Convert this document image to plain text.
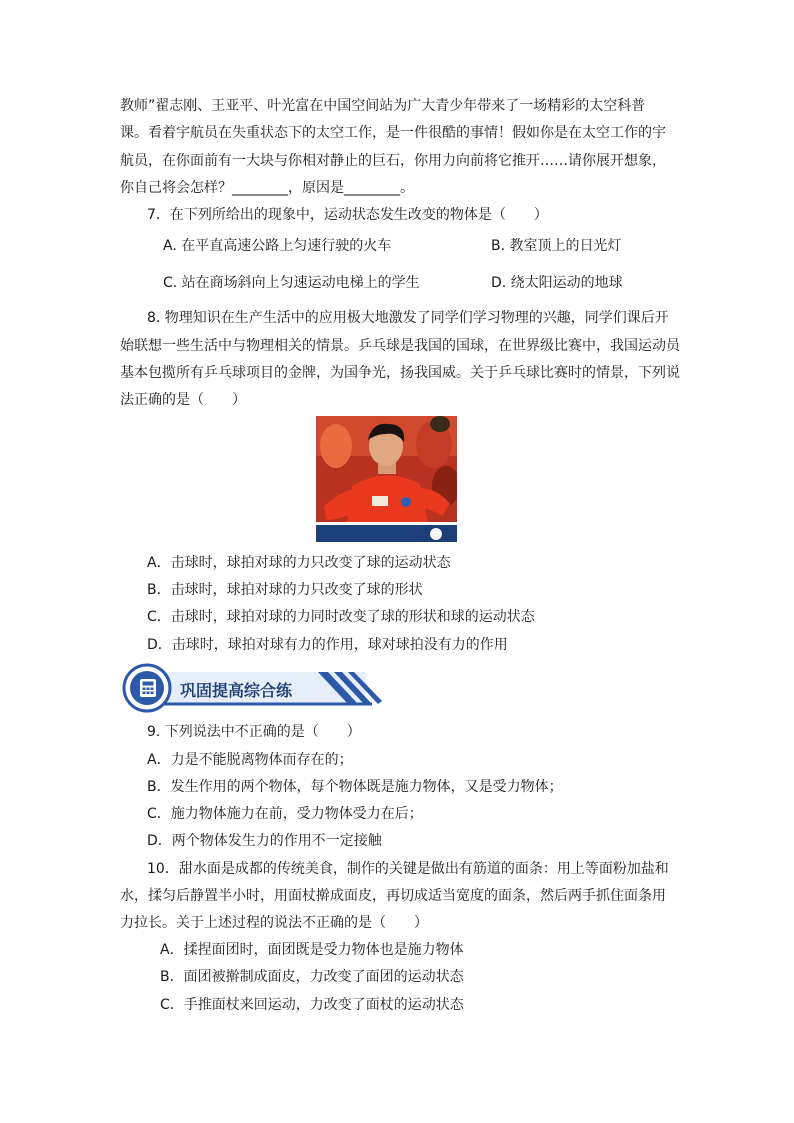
教师”翟志刚、王亚平、叶光富在中国空间站为广大青少年带来了一场精彩的太空科普
课。看着宇航员在失重状态下的太空工作，是一件很酷的事情！假如你是在太空工作的宇
航员，在你面前有一大块与你相对静止的巨石，你用力向前将它推开……请你展开想象，
你自己将会怎样？________，原因是________。
7．在下列所给出的现象中，运动状态发生改变的物体是（　　）
A. 在平直高速公路上匀速行驶的火车	B. 教室顶上的日光灯
C. 站在商场斜向上匀速运动电梯上的学生	D. 绕太阳运动的地球
8. 物理知识在生产生活中的应用极大地激发了同学们学习物理的兴趣，同学们课后开
始联想一些生活中与物理相关的情景。乒乓球是我国的国球，在世界级比赛中，我国运动员
基本包揽所有乒乓球项目的金牌，为国争光，扬我国威。关于乒乓球比赛时的情景，下列说
法正确的是（　　）
A．击球时，球拍对球的力只改变了球的运动状态
B．击球时，球拍对球的力只改变了球的形状
C．击球时，球拍对球的力同时改变了球的形状和球的运动状态
D．击球时，球拍对球有力的作用，球对球拍没有力的作用
巩固提高综合练
9. 下列说法中不正确的是（　　）
A．力是不能脱离物体而存在的；
B．发生作用的两个物体，每个物体既是施力物体，又是受力物体；
C．施力物体施力在前，受力物体受力在后；
D．两个物体发生力的作用不一定接触
10．甜水面是成都的传统美食，制作的关键是做出有筋道的面条：用上等面粉加盐和
水，揉匀后静置半小时，用面杖擀成面皮，再切成适当宽度的面条，然后两手抓住面条用
力拉长。关于上述过程的说法不正确的是（　　）
A．揉捏面团时，面团既是受力物体也是施力物体
B．面团被擀制成面皮，力改变了面团的运动状态
C．手推面杖来回运动，力改变了面杖的运动状态
